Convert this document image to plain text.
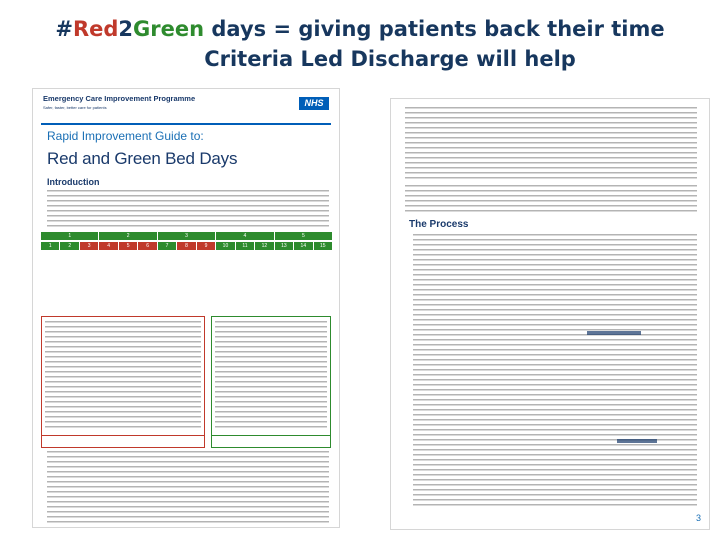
#Red2Green days = giving patients back their time
Criteria Led Discharge will help
Emergency Care Improvement Programme
Safer, faster, better care for patients	NHS
Rapid Improvement Guide to:
Red and Green Bed Days
Introduction
1	2	3	4	5
1	2	3	4	5	6	7	8	9	10	11	12	13	14	15
The Process
3
